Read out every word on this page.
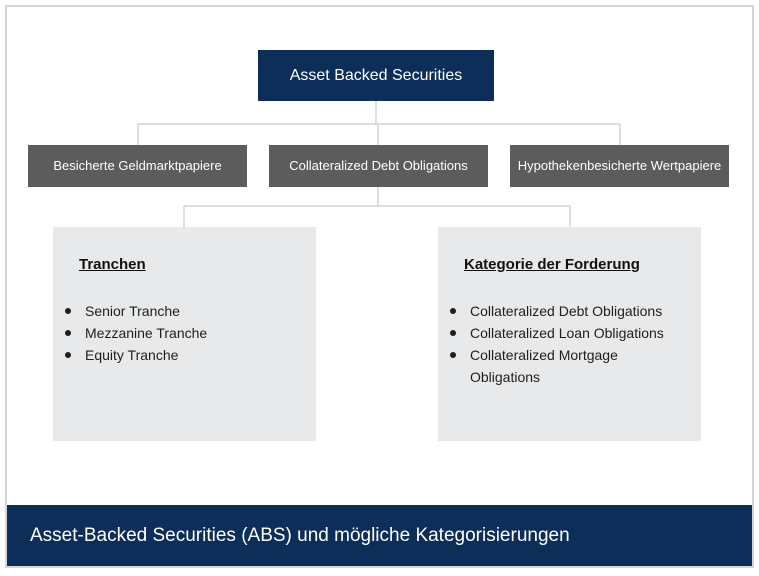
Asset Backed Securities
Besicherte Geldmarktpapiere	Collateralized Debt Obligations	Hypothekenbesicherte Wertpapiere
Tranchen
Senior Tranche
Mezzanine Tranche
Equity Tranche
Kategorie der Forderung
Collateralized Debt Obligations
Collateralized Loan Obligations
Collateralized Mortgage Obligations
Asset-Backed Securities (ABS) und mögliche Kategorisierungen
